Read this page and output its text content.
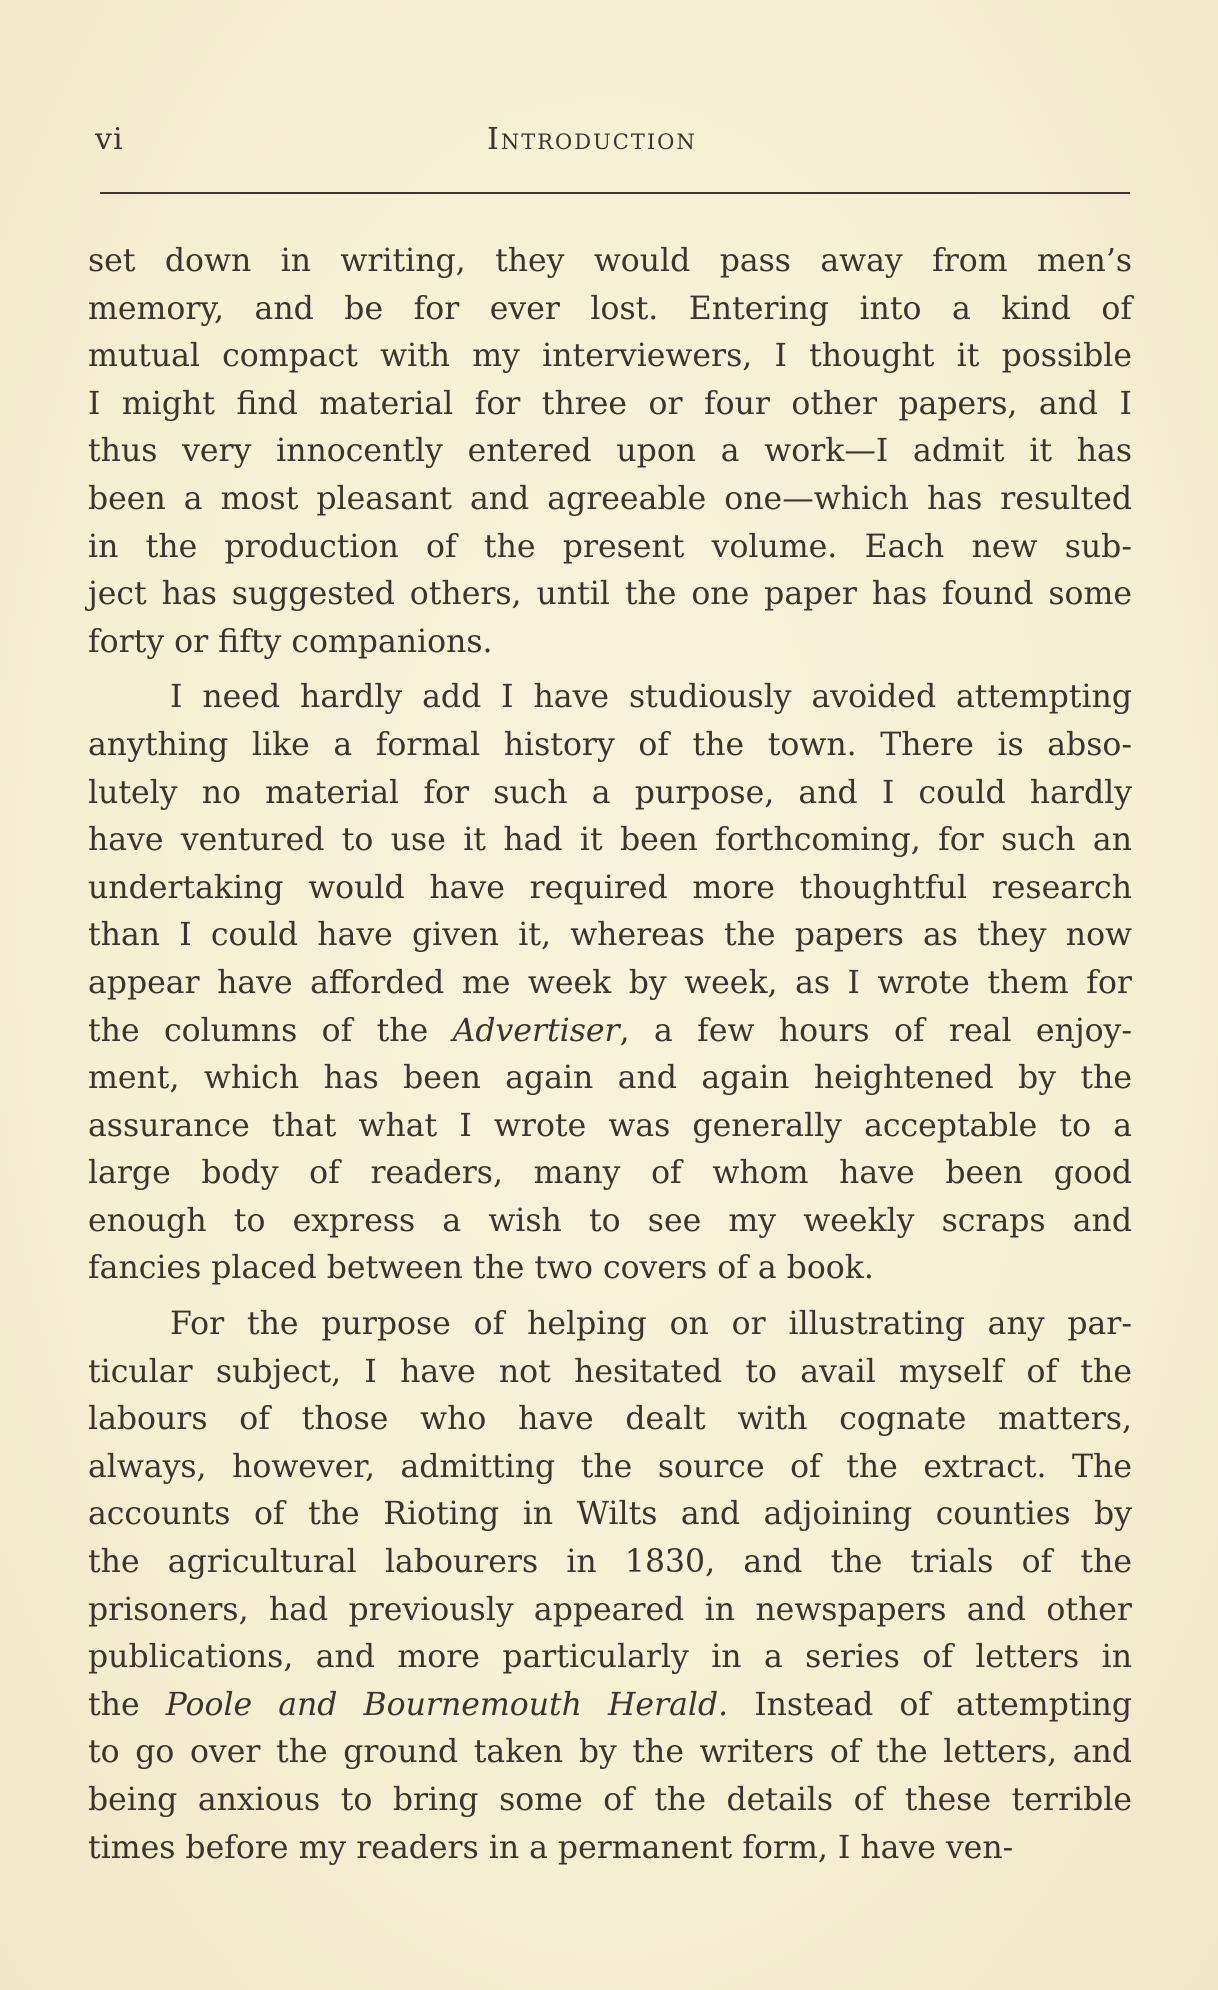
vi	Introduction

set down in writing, they would pass away from men’s
memory, and be for ever lost. Entering into a kind of
mutual compact with my interviewers, I thought it possible
I might find material for three or four other papers, and I
thus very innocently entered upon a work—I admit it has
been a most pleasant and agreeable one—which has resulted
in the production of the present volume. Each new sub-
ject has suggested others, until the one paper has found some
forty or fifty companions.

I need hardly add I have studiously avoided attempting
anything like a formal history of the town. There is abso-
lutely no material for such a purpose, and I could hardly
have ventured to use it had it been forthcoming, for such an
undertaking would have required more thoughtful research
than I could have given it, whereas the papers as they now
appear have afforded me week by week, as I wrote them for
the columns of the Advertiser, a few hours of real enjoy-
ment, which has been again and again heightened by the
assurance that what I wrote was generally acceptable to a
large body of readers, many of whom have been good
enough to express a wish to see my weekly scraps and
fancies placed between the two covers of a book.

For the purpose of helping on or illustrating any par-
ticular subject, I have not hesitated to avail myself of the
labours of those who have dealt with cognate matters,
always, however, admitting the source of the extract. The
accounts of the Rioting in Wilts and adjoining counties by
the agricultural labourers in 1830, and the trials of the
prisoners, had previously appeared in newspapers and other
publications, and more particularly in a series of letters in
the Poole and Bournemouth Herald. Instead of attempting
to go over the ground taken by the writers of the letters, and
being anxious to bring some of the details of these terrible
times before my readers in a permanent form, I have ven-
